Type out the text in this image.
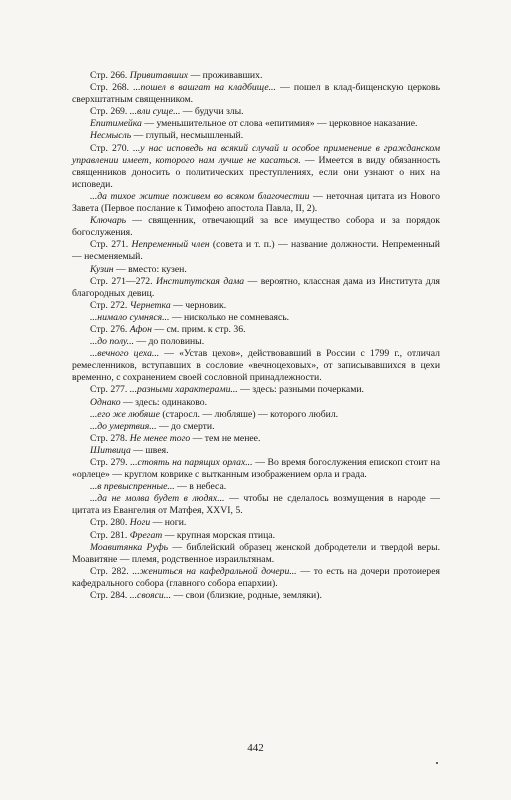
Стр. 266. Привитавших — проживавших.

Стр. 268. ...пошел в вашгат на кладбище... — пошел в клад-бищенскую церковь сверхштатным священником.

Стр. 269. ...вли суще... — будучи злы.

Епитимейка — уменьшительное от слова «епитимия» — церковное наказание.

Несмысль — глупый, несмышленый.

Стр. 270. ...у нас исповедь на всякий случай и особое применение в гражданском управлении имеет, которого нам лучше не касаться. — Имеется в виду обязанность священников доносить о политических преступлениях, если они узнают о них на исповеди.

...да тихое житие поживем во всяком благочестии — неточная цитата из Нового Завета (Первое послание к Тимофею апостола Павла, II, 2).

Ключарь — священник, отвечающий за все имущество собора и за порядок богослужения.

Стр. 271. Непременный член (совета и т. п.) — название должности. Непременный — несменяемый.

Кузин — вместо: кузен.

Стр. 271—272. Институтская дама — вероятно, классная дама из Института для благородных девиц.

Стр. 272. Чернетка — черновик.

...нимало сумняся... — нисколько не сомневаясь.

Стр. 276. Афон — см. прим. к стр. 36.

...до полу... — до половины.

...вечного цеха... — «Устав цехов», действовавший в России с 1799 г., отличал ремесленников, вступавших в сословие «вечноцеховых», от записывавшихся в цехи временно, с сохранением своей сословной принадлежности.

Стр. 277. ...разными характерами... — здесь: разными почерками.

Однако — здесь: одинаково.

...его же любяше (старосл. — любляше) — которого любил.

...до умертвия... — до смерти.

Стр. 278. Не менее того — тем не менее.

Шитвица — швея.

Стр. 279. ...стоять на парящих орлах... — Во время богослужения епископ стоит на «орлеце» — круглом коврике с вытканным изображением орла и града.

...в превыспренные... — в небеса.

...да не молва будет в людях... — чтобы не сделалось возмущения в народе — цитата из Евангелия от Матфея, XXVI, 5.

Стр. 280. Ноги — ноги.

Стр. 281. Фрегат — крупная морская птица.

Моавитянка Руфь — библейский образец женской добродетели и твердой веры. Моавитяне — племя, родственное израильтянам.

Стр. 282. ...жениться на кафедральной дочери... — то есть на дочери протоиерея кафедрального собора (главного собора епархии).

Стр. 284. ...свояси... — свои (близкие, родные, земляки).

442
